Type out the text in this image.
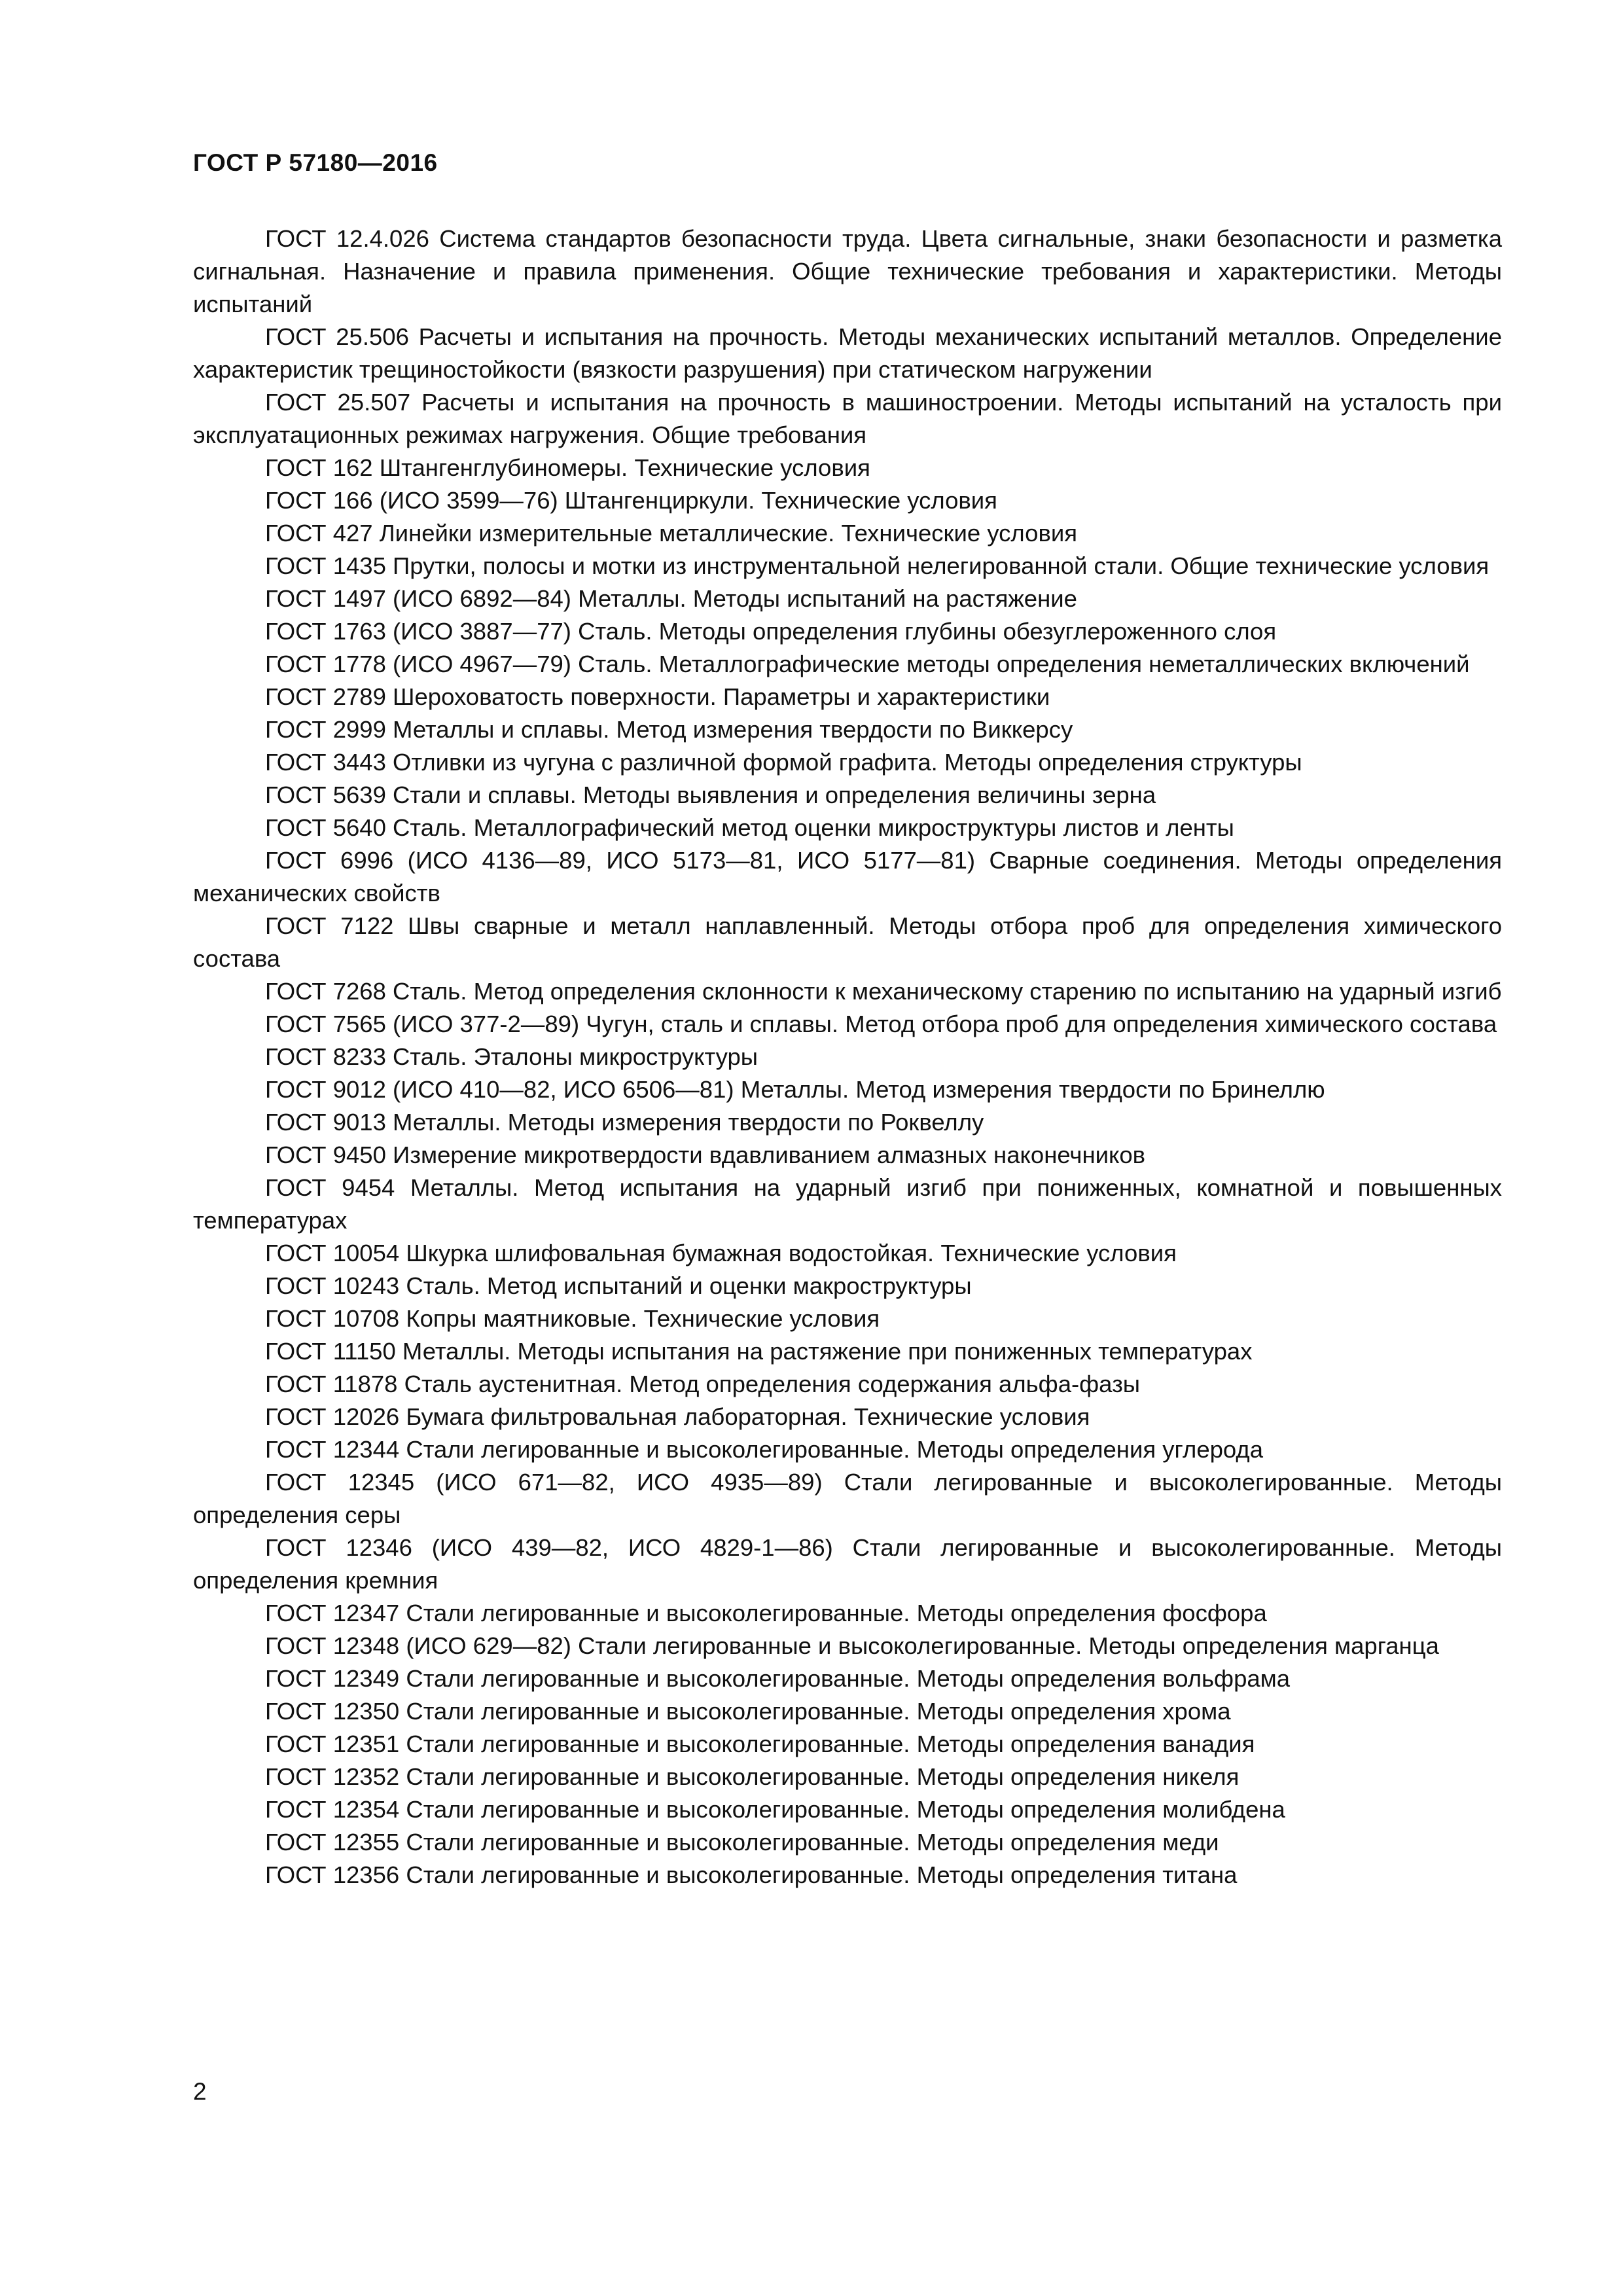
ГОСТ Р 57180—2016
ГОСТ 12.4.026 Система стандартов безопасности труда. Цвета сигнальные, знаки безопасности и разметка сигнальная. Назначение и правила применения. Общие технические требования и характеристики. Методы испытаний
ГОСТ 25.506 Расчеты и испытания на прочность. Методы механических испытаний металлов. Определение характеристик трещиностойкости (вязкости разрушения) при статическом нагружении
ГОСТ 25.507 Расчеты и испытания на прочность в машиностроении. Методы испытаний на усталость при эксплуатационных режимах нагружения. Общие требования
ГОСТ 162 Штангенглубиномеры. Технические условия
ГОСТ 166 (ИСО 3599—76) Штангенциркули. Технические условия
ГОСТ 427 Линейки измерительные металлические. Технические условия
ГОСТ 1435 Прутки, полосы и мотки из инструментальной нелегированной стали. Общие технические условия
ГОСТ 1497 (ИСО 6892—84) Металлы. Методы испытаний на растяжение
ГОСТ 1763 (ИСО 3887—77) Сталь. Методы определения глубины обезуглероженного слоя
ГОСТ 1778 (ИСО 4967—79) Сталь. Металлографические методы определения неметаллических включений
ГОСТ 2789 Шероховатость поверхности. Параметры и характеристики
ГОСТ 2999 Металлы и сплавы. Метод измерения твердости по Виккерсу
ГОСТ 3443 Отливки из чугуна с различной формой графита. Методы определения структуры
ГОСТ 5639 Стали и сплавы. Методы выявления и определения величины зерна
ГОСТ 5640 Сталь. Металлографический метод оценки микроструктуры листов и ленты
ГОСТ 6996 (ИСО 4136—89, ИСО 5173—81, ИСО 5177—81) Сварные соединения. Методы определения механических свойств
ГОСТ 7122 Швы сварные и металл наплавленный. Методы отбора проб для определения химического состава
ГОСТ 7268 Сталь. Метод определения склонности к механическому старению по испытанию на ударный изгиб
ГОСТ 7565 (ИСО 377-2—89) Чугун, сталь и сплавы. Метод отбора проб для определения химического состава
ГОСТ 8233 Сталь. Эталоны микроструктуры
ГОСТ 9012 (ИСО 410—82, ИСО 6506—81) Металлы. Метод измерения твердости по Бринеллю
ГОСТ 9013 Металлы. Методы измерения твердости по Роквеллу
ГОСТ 9450 Измерение микротвердости вдавливанием алмазных наконечников
ГОСТ 9454 Металлы. Метод испытания на ударный изгиб при пониженных, комнатной и повышенных температурах
ГОСТ 10054 Шкурка шлифовальная бумажная водостойкая. Технические условия
ГОСТ 10243 Сталь. Метод испытаний и оценки макроструктуры
ГОСТ 10708 Копры маятниковые. Технические условия
ГОСТ 11150 Металлы. Методы испытания на растяжение при пониженных температурах
ГОСТ 11878 Сталь аустенитная. Метод определения содержания альфа-фазы
ГОСТ 12026 Бумага фильтровальная лабораторная. Технические условия
ГОСТ 12344 Стали легированные и высоколегированные. Методы определения углерода
ГОСТ 12345 (ИСО 671—82, ИСО 4935—89) Стали легированные и высоколегированные. Методы определения серы
ГОСТ 12346 (ИСО 439—82, ИСО 4829-1—86) Стали легированные и высоколегированные. Методы определения кремния
ГОСТ 12347 Стали легированные и высоколегированные. Методы определения фосфора
ГОСТ 12348 (ИСО 629—82) Стали легированные и высоколегированные. Методы определения марганца
ГОСТ 12349 Стали легированные и высоколегированные. Методы определения вольфрама
ГОСТ 12350 Стали легированные и высоколегированные. Методы определения хрома
ГОСТ 12351 Стали легированные и высоколегированные. Методы определения ванадия
ГОСТ 12352 Стали легированные и высоколегированные. Методы определения никеля
ГОСТ 12354 Стали легированные и высоколегированные. Методы определения молибдена
ГОСТ 12355 Стали легированные и высоколегированные. Методы определения меди
ГОСТ 12356 Стали легированные и высоколегированные. Методы определения титана
2
